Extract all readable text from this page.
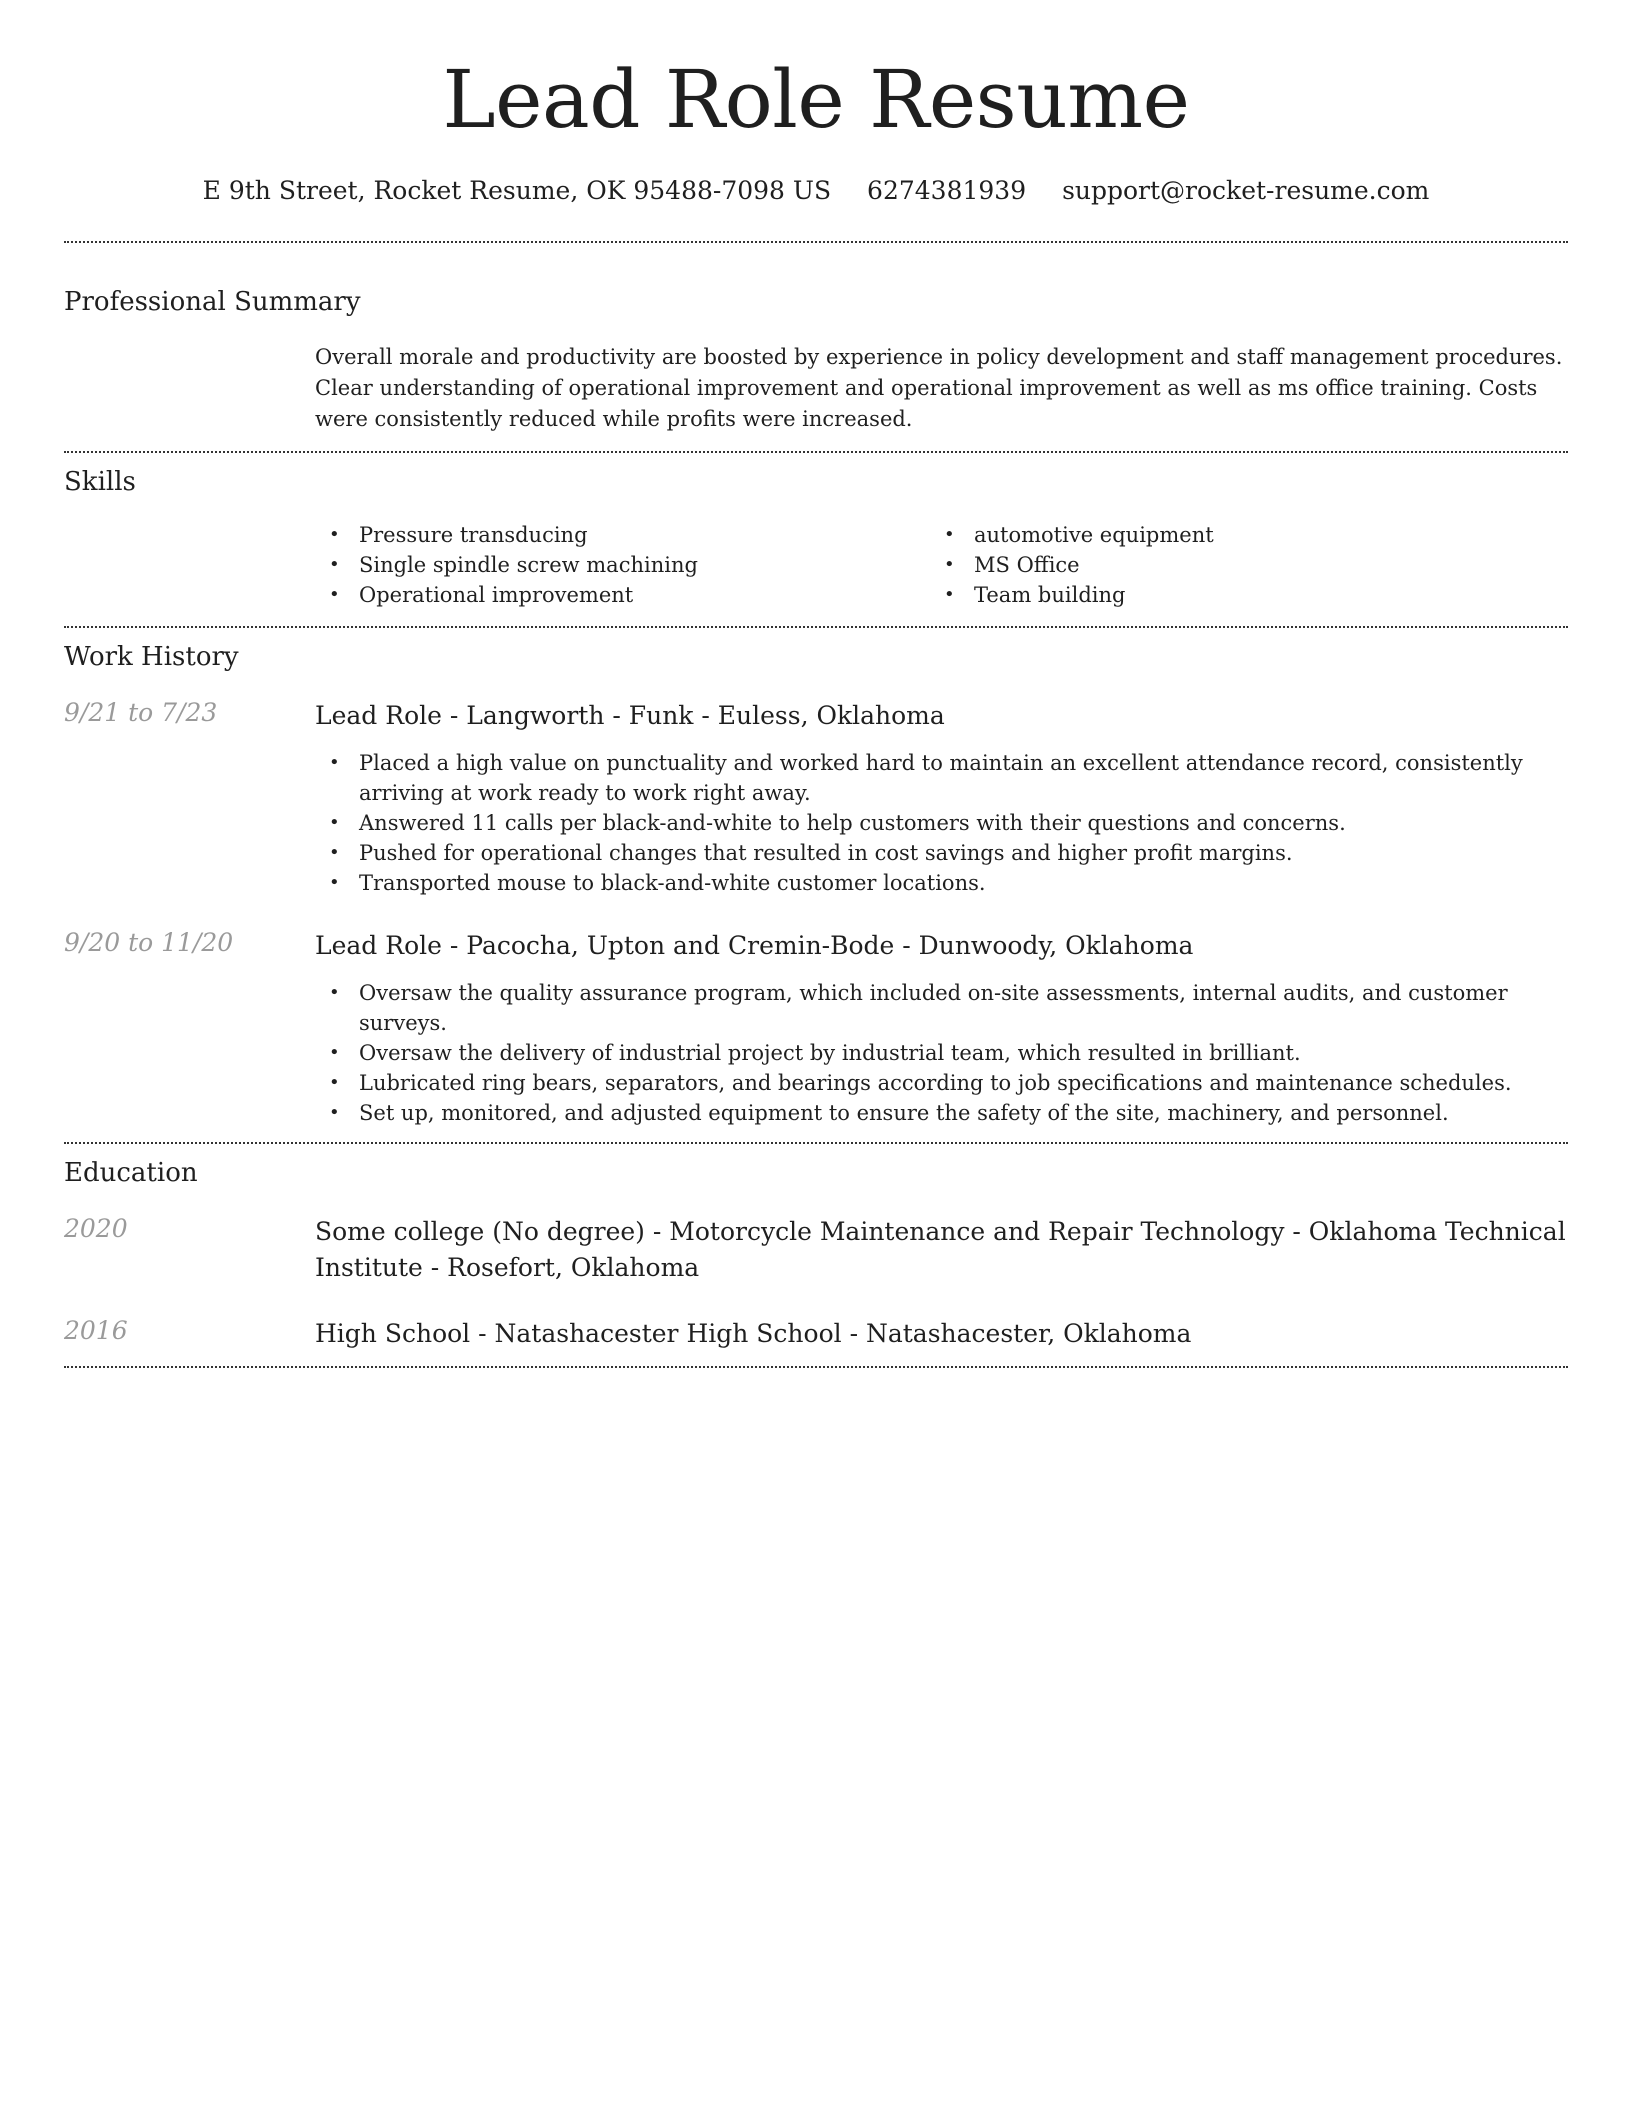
Lead Role Resume
E 9th Street, Rocket Resume, OK 95488-7098 US 6274381939 support@rocket-resume.com
Professional Summary

Overall morale and productivity are boosted by experience in policy development and staff management procedures. Clear understanding of operational improvement and operational improvement as well as ms office training. Costs were consistently reduced while profits were increased.

Skills
• Pressure transducing
• Single spindle screw machining
• Operational improvement
• automotive equipment
• MS Office
• Team building
Work History
9/21 to 7/23	Lead Role - Langworth - Funk - Euless, Oklahoma
• Placed a high value on punctuality and worked hard to maintain an excellent attendance record, consistently arriving at work ready to work right away.
• Answered 11 calls per black-and-white to help customers with their questions and concerns.
• Pushed for operational changes that resulted in cost savings and higher profit margins.
• Transported mouse to black-and-white customer locations.
9/20 to 11/20	Lead Role - Pacocha, Upton and Cremin-Bode - Dunwoody, Oklahoma
• Oversaw the quality assurance program, which included on-site assessments, internal audits, and customer surveys.
• Oversaw the delivery of industrial project by industrial team, which resulted in brilliant.
• Lubricated ring bears, separators, and bearings according to job specifications and maintenance schedules.
• Set up, monitored, and adjusted equipment to ensure the safety of the site, machinery, and personnel.
Education
2020	Some college (No degree) - Motorcycle Maintenance and Repair Technology - Oklahoma Technical Institute - Rosefort, Oklahoma
2016	High School - Natashacester High School - Natashacester, Oklahoma
